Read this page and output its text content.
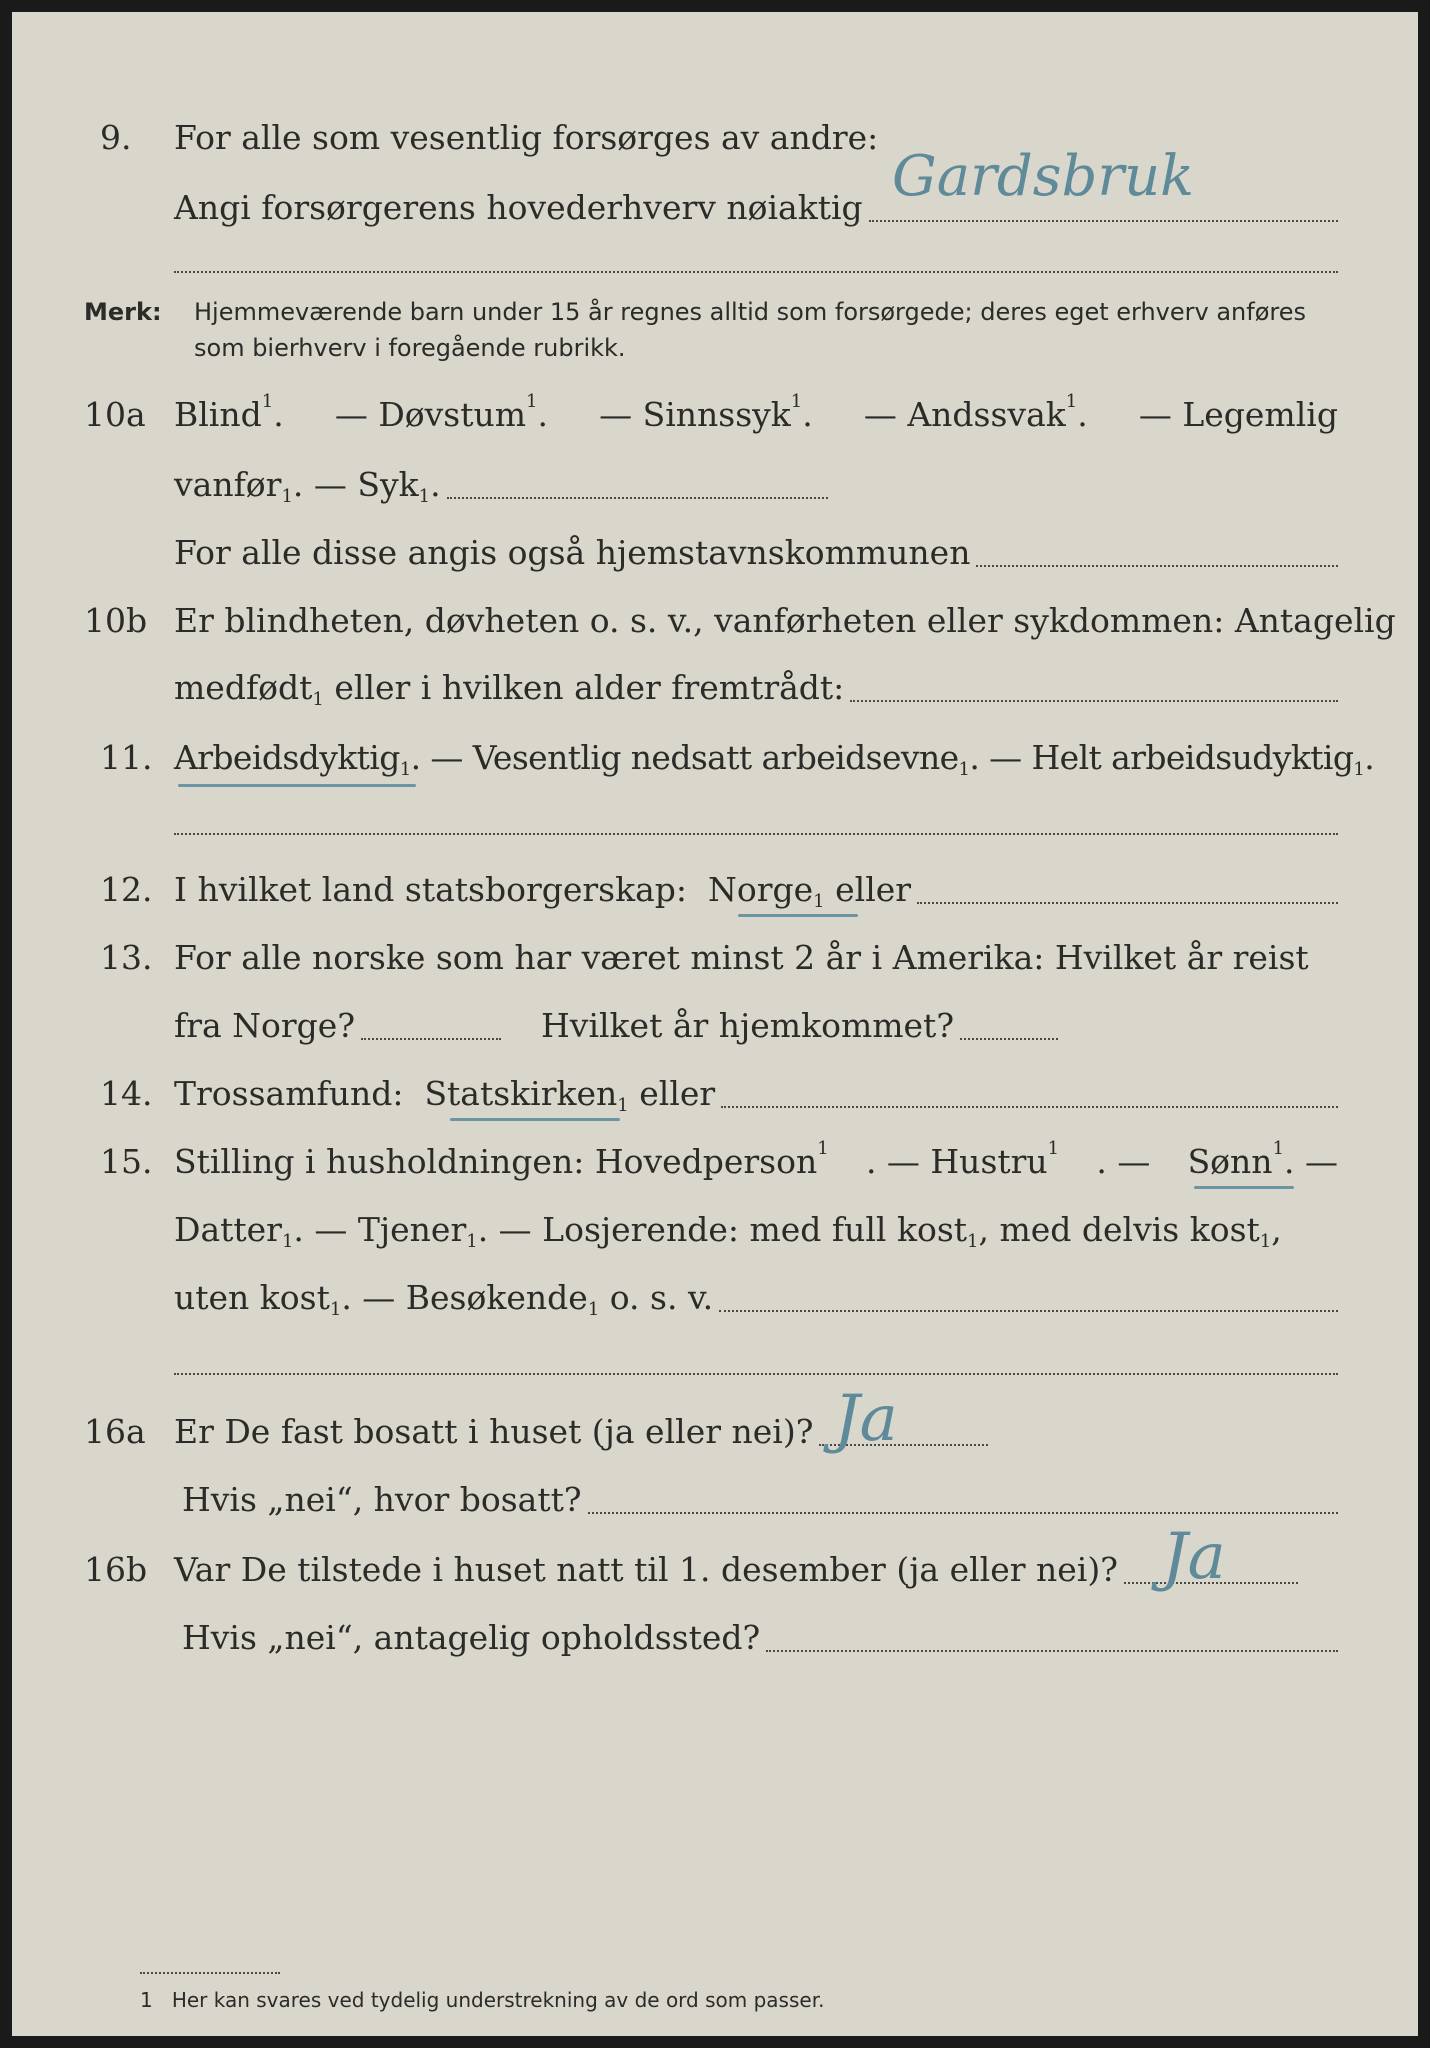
9. For alle som vesentlig forsørges av andre:
Angi forsørgerens hovederhverv nøiaktig Gardsbruk
Merk: Hjemmeværende barn under 15 år regnes alltid som forsørgede; deres eget erhverv anføres som bierhverv i foregående rubrikk.
10a Blind$^1$. — Døvstum$^1$. — Sinnssyk$^1$. — Andssvak$^1$. — Legemlig
vanfør$^1$ . — Syk$^1$ .
For alle disse angis også hjemstavnskommunen
10b Er blindheten, døvheten o. s. v., vanførheten eller sykdommen: Antagelig
medfødt$^1$
eller i hvilken alder fremtrådt:
11. Arbeidsdyktig$^1$ . — Vesentlig nedsatt arbeidsevne$^1$ . — Helt arbeidsudyktig$^1$ .
12. I hvilket land statsborgerskap:
Norge$^1$
eller
13. For alle norske som har været minst 2 år i Amerika: Hvilket år reist
fra Norge?	Hvilket år hjemkommet?
14. Trossamfund:
Statskirken$^1$
eller
15. Stilling i husholdningen: Hovedperson$^1$ . — Hustru$^1$ . — Sønn$^1$. —
Datter$^1$ . — Tjener$^1$ . — Losjerende: med full kost$^1$ , med delvis kost$^1$ ,
uten kost$^1$ . — Besøkende$^1$
o. s. v.
16a Er De fast bosatt i huset (ja eller nei)? Ja
Hvis „nei“, hvor bosatt?
16b Var De tilstede i huset natt til 1. desember (ja eller nei)? Ja
Hvis „nei“, antagelig opholdssted?
1 Her kan svares ved tydelig understrekning av de ord som passer.
